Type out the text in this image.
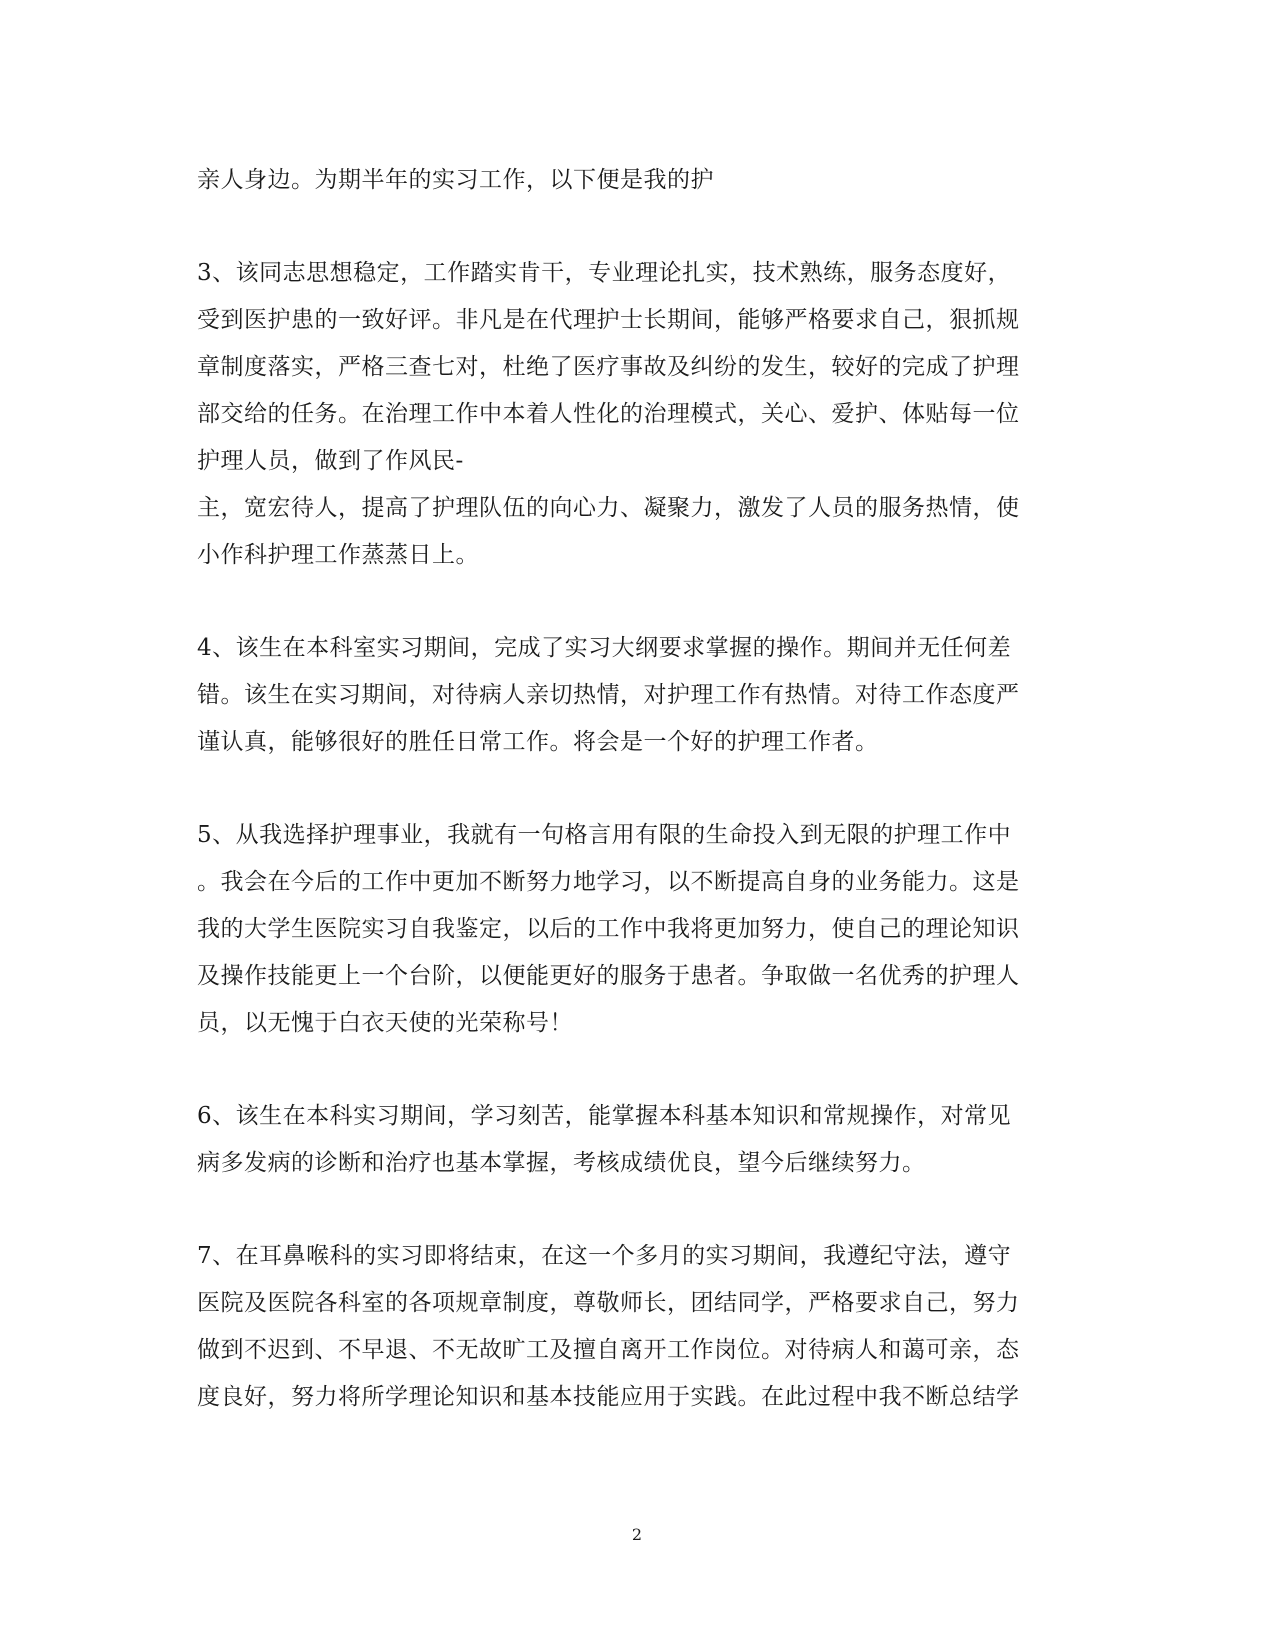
亲人身边。为期半年的实习工作，以下便是我的护
3、该同志思想稳定，工作踏实肯干，专业理论扎实，技术熟练，服务态度好，
受到医护患的一致好评。非凡是在代理护士长期间，能够严格要求自己，狠抓规
章制度落实，严格三查七对，杜绝了医疗事故及纠纷的发生，较好的完成了护理
部交给的任务。在治理工作中本着人性化的治理模式，关心、爱护、体贴每一位
护理人员，做到了作风民-
主，宽宏待人，提高了护理队伍的向心力、凝聚力，激发了人员的服务热情，使
小作科护理工作蒸蒸日上。
4、该生在本科室实习期间，完成了实习大纲要求掌握的操作。期间并无任何差
错。该生在实习期间，对待病人亲切热情，对护理工作有热情。对待工作态度严
谨认真，能够很好的胜任日常工作。将会是一个好的护理工作者。
5、从我选择护理事业，我就有一句格言用有限的生命投入到无限的护理工作中
。我会在今后的工作中更加不断努力地学习，以不断提高自身的业务能力。这是
我的大学生医院实习自我鉴定，以后的工作中我将更加努力，使自己的理论知识
及操作技能更上一个台阶，以便能更好的服务于患者。争取做一名优秀的护理人
员，以无愧于白衣天使的光荣称号！
6、该生在本科实习期间，学习刻苦，能掌握本科基本知识和常规操作，对常见
病多发病的诊断和治疗也基本掌握，考核成绩优良，望今后继续努力。
7、在耳鼻喉科的实习即将结束，在这一个多月的实习期间，我遵纪守法，遵守
医院及医院各科室的各项规章制度，尊敬师长，团结同学，严格要求自己，努力
做到不迟到、不早退、不无故旷工及擅自离开工作岗位。对待病人和蔼可亲，态
度良好，努力将所学理论知识和基本技能应用于实践。在此过程中我不断总结学
2
